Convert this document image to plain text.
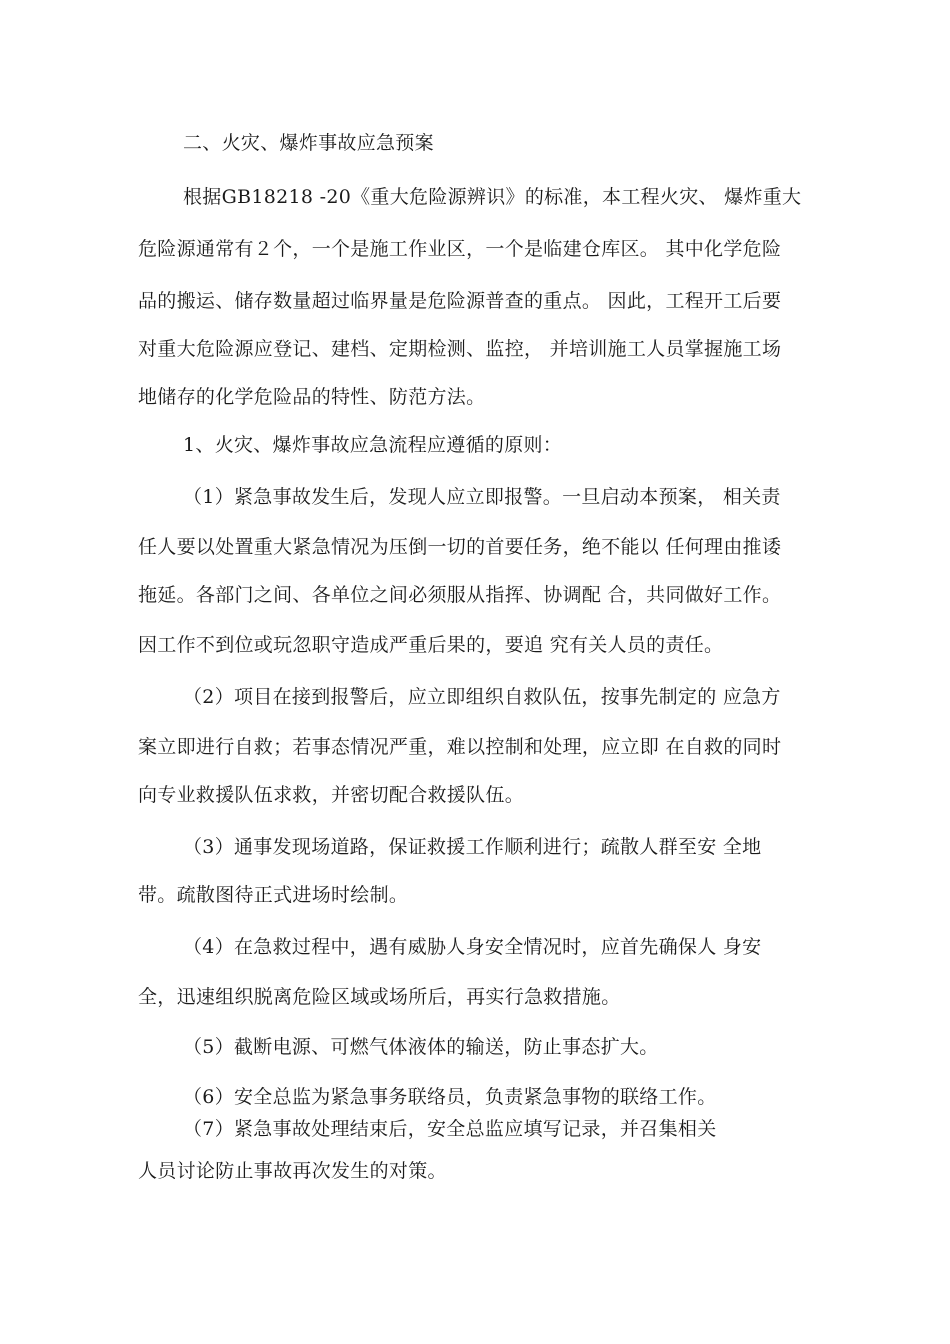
二、火灾、爆炸事故应急预案
根据GB18218 -20《重大危险源辨识》的标准，本工程火灾、 爆炸重大
危险源通常有２个，一个是施工作业区，一个是临建仓库区。 其中化学危险
品的搬运、储存数量超过临界量是危险源普查的重点。 因此，工程开工后要
对重大危险源应登记、建档、定期检测、监控， 并培训施工人员掌握施工场
地储存的化学危险品的特性、防范方法。
1、火灾、爆炸事故应急流程应遵循的原则：
（1）紧急事故发生后，发现人应立即报警。一旦启动本预案， 相关责
任人要以处置重大紧急情况为压倒一切的首要任务，绝不能以 任何理由推诿
拖延。各部门之间、各单位之间必须服从指挥、协调配 合，共同做好工作。
因工作不到位或玩忽职守造成严重后果的，要追 究有关人员的责任。
（2）项目在接到报警后，应立即组织自救队伍，按事先制定的 应急方
案立即进行自救；若事态情况严重，难以控制和处理，应立即 在自救的同时
向专业救援队伍求救，并密切配合救援队伍。
（3）通事发现场道路，保证救援工作顺利进行；疏散人群至安 全地
带。疏散图待正式进场时绘制。
（4）在急救过程中，遇有威胁人身安全情况时，应首先确保人 身安
全，迅速组织脱离危险区域或场所后，再实行急救措施。
（5）截断电源、可燃气体液体的输送，防止事态扩大。
（6）安全总监为紧急事务联络员，负责紧急事物的联络工作。
（7）紧急事故处理结束后，安全总监应填写记录，并召集相关
人员讨论防止事故再次发生的对策。
